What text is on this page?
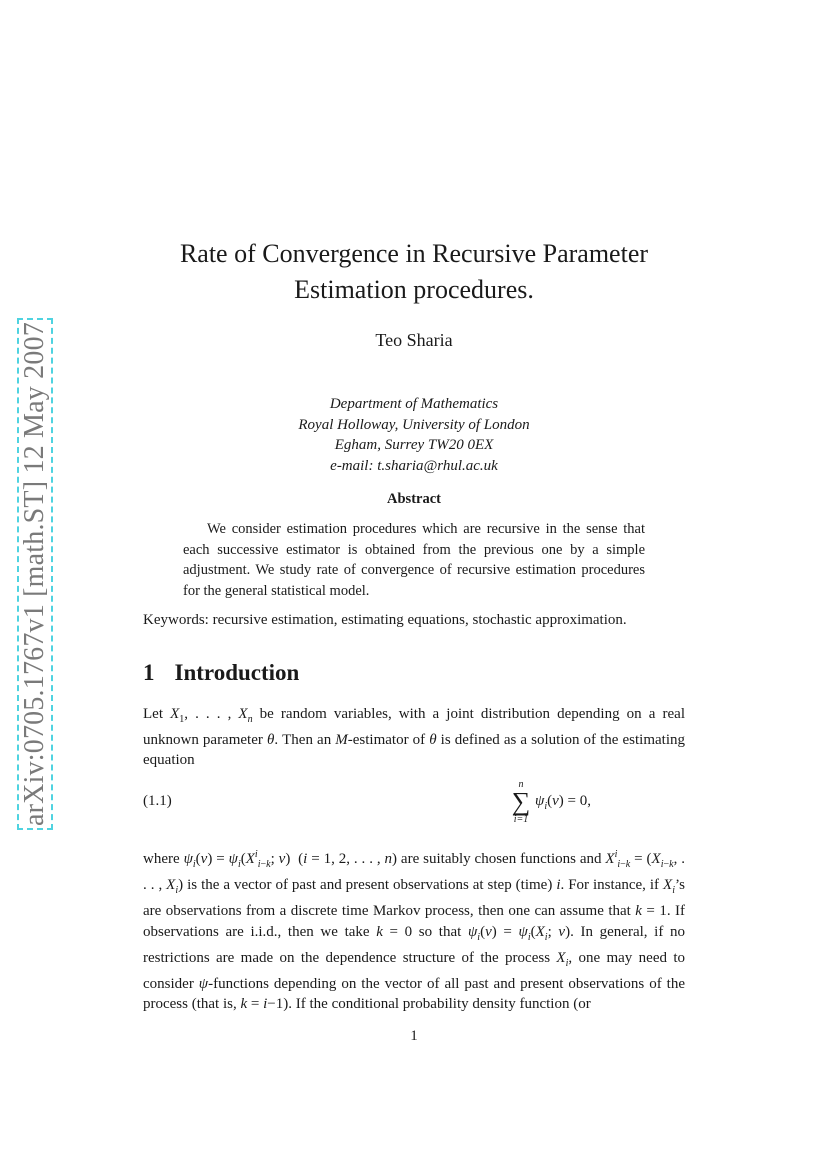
arXiv:0705.1767v1 [math.ST] 12 May 2007
Rate of Convergence in Recursive Parameter
Estimation procedures.
Teo Sharia
Department of Mathematics
Royal Holloway, University of London
Egham, Surrey TW20 0EX
e-mail: t.sharia@rhul.ac.uk
Abstract
We consider estimation procedures which are recursive in the sense that each successive estimator is obtained from the previous one by a simple adjustment. We study rate of convergence of recursive estimation procedures for the general statistical model.
Keywords: recursive estimation, estimating equations, stochastic approximation.
1 Introduction
Let $X_1$, . . . , $X_n$ be random variables, with a joint distribution depending on a real unknown parameter θ. Then an M-estimator of θ is defined as a solution of the estimating equation
(1.1)
n
∑
i=1
$\psi_i(v) = 0$,
where $\psi_i(v) = \psi_i(X^i_{i-k}$; v)  (i = 1, 2, . . . , n) are suitably chosen functions and $X^i_{i-k} = (X_{i-k}$, . . . , $X_i$) is the a vector of past and present observations at step (time) i. For instance, if $X_i’s$ are observations from a discrete time Markov process, then one can assume that k = 1. If observations are i.i.d., then we take k = 0 so that $\psi_i(v) = \psi_i(X_i$; v). In general, if no restrictions are made on the dependence structure of the process $X_i$, one may need to consider ψ-functions depending on the vector of all past and present observations of the process (that is, k = i−1). If the conditional probability density function (or
1
